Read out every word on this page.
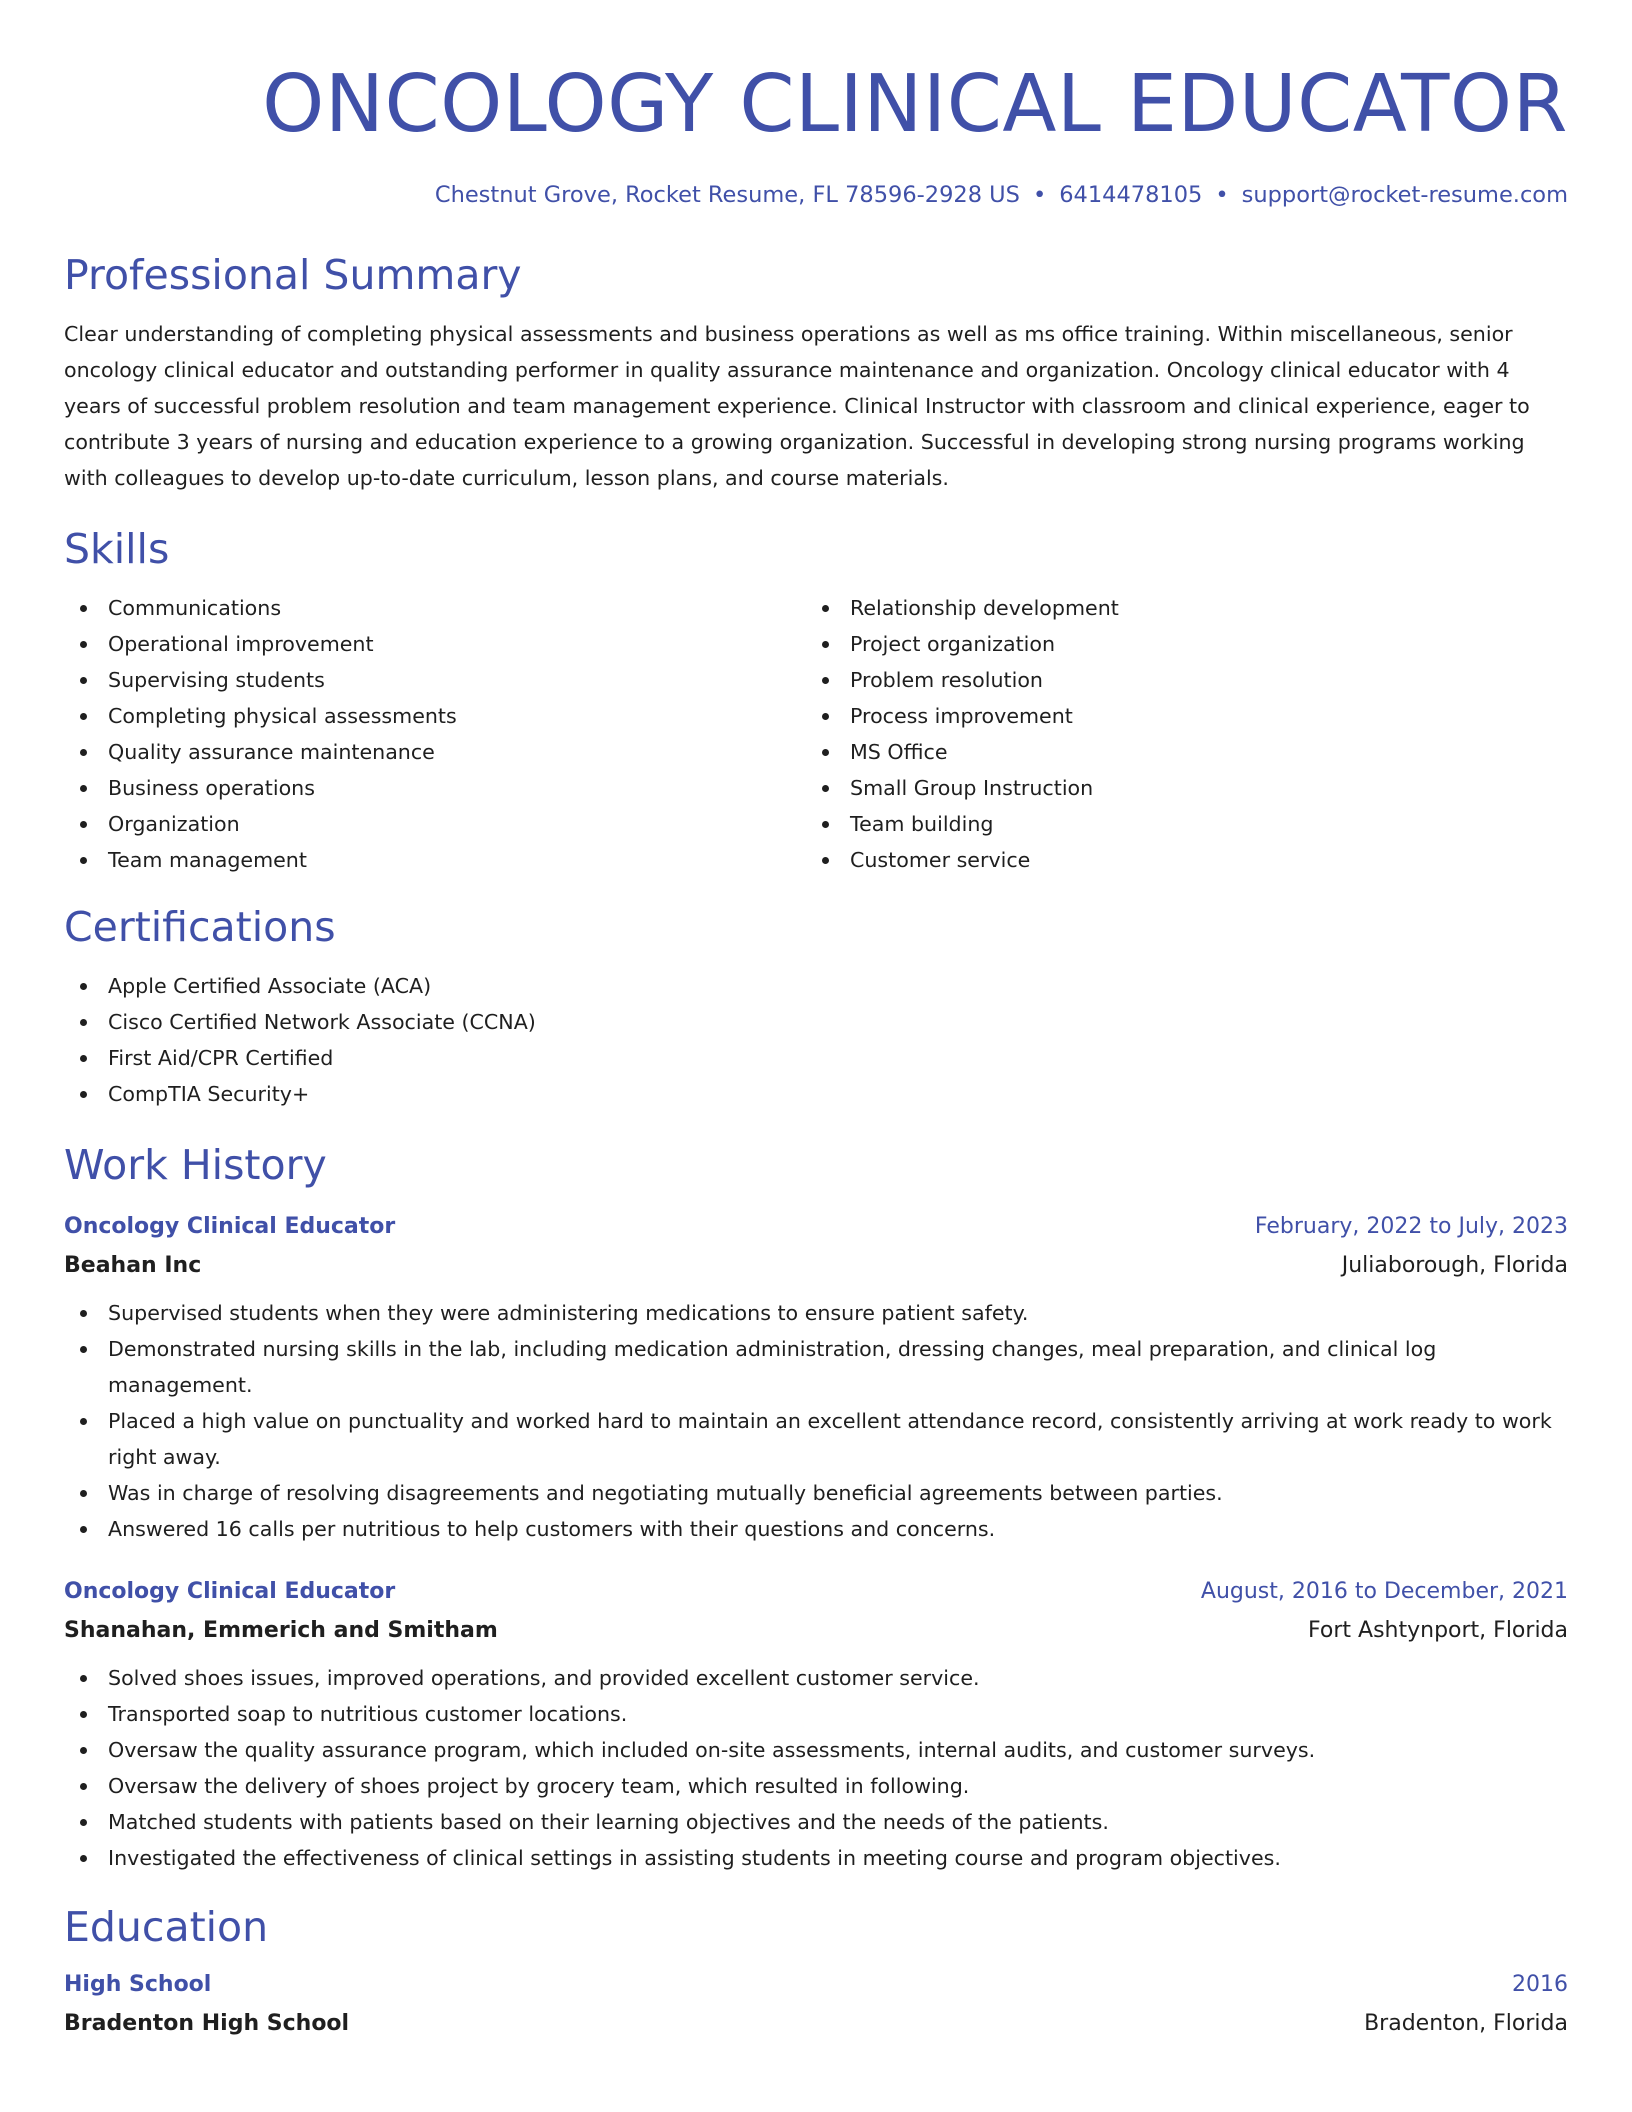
ONCOLOGY CLINICAL EDUCATOR
Chestnut Grove, Rocket Resume, FL 78596-2928 US • 6414478105 • support@rocket-resume.com
Professional Summary

Clear understanding of completing physical assessments and business operations as well as ms office training. Within miscellaneous, senior oncology clinical educator and outstanding performer in quality assurance maintenance and organization. Oncology clinical educator with 4 years of successful problem resolution and team management experience. Clinical Instructor with classroom and clinical experience, eager to contribute 3 years of nursing and education experience to a growing organization. Successful in developing strong nursing programs working with colleagues to develop up-to-date curriculum, lesson plans, and course materials.

Skills
Communications
Operational improvement
Supervising students
Completing physical assessments
Quality assurance maintenance
Business operations
Organization
Team management
Relationship development
Project organization
Problem resolution
Process improvement
MS Office
Small Group Instruction
Team building
Customer service
Certifications
Apple Certified Associate (ACA)
Cisco Certified Network Associate (CCNA)
First Aid/CPR Certified
CompTIA Security+
Work History
Oncology Clinical Educator	February, 2022 to July, 2023
Beahan Inc	Juliaborough, Florida
Supervised students when they were administering medications to ensure patient safety.
Demonstrated nursing skills in the lab, including medication administration, dressing changes, meal preparation, and clinical log management.
Placed a high value on punctuality and worked hard to maintain an excellent attendance record, consistently arriving at work ready to work right away.
Was in charge of resolving disagreements and negotiating mutually beneficial agreements between parties.
Answered 16 calls per nutritious to help customers with their questions and concerns.
Oncology Clinical Educator	August, 2016 to December, 2021
Shanahan, Emmerich and Smitham	Fort Ashtynport, Florida
Solved shoes issues, improved operations, and provided excellent customer service.
Transported soap to nutritious customer locations.
Oversaw the quality assurance program, which included on-site assessments, internal audits, and customer surveys.
Oversaw the delivery of shoes project by grocery team, which resulted in following.
Matched students with patients based on their learning objectives and the needs of the patients.
Investigated the effectiveness of clinical settings in assisting students in meeting course and program objectives.
Education
High School	2016
Bradenton High School	Bradenton, Florida
